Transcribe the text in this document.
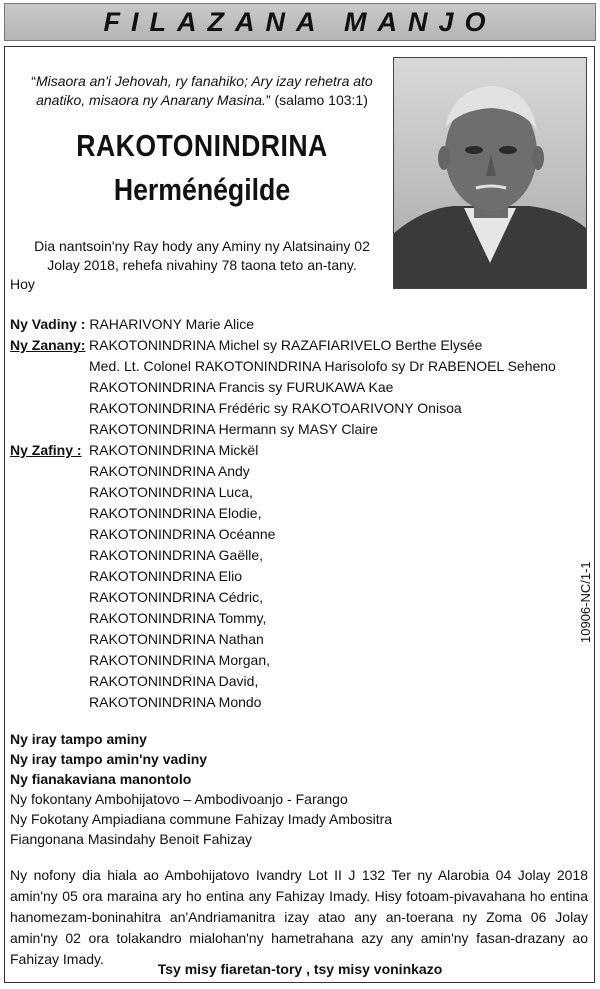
FILAZANA MANJO
“Misaora an'i Jehovah, ry fanahiko; Ary izay rehetra ato anatiko, misaora ny Anarany Masina.” (salamo 103:1)
RAKOTONINDRINA
Herménégilde
Dia nantsoin'ny Ray hody any Aminy ny Alatsinainy 02 Jolay 2018, rehefa nivahiny 78 taona teto an-tany.
Hoy
Ny Vadiny : RAHARIVONY Marie Alice
Ny Zanany: RAKOTONINDRINA Michel sy RAZAFIARIVELO Berthe Elysée
Med. Lt. Colonel RAKOTONINDRINA Harisolofo sy Dr RABENOEL Seheno
RAKOTONINDRINA Francis sy FURUKAWA Kae
RAKOTONINDRINA Frédéric sy RAKOTOARIVONY Onisoa
RAKOTONINDRINA Hermann sy MASY Claire
Ny Zafiny : RAKOTONINDRINA Mickël
RAKOTONINDRINA Andy
RAKOTONINDRINA Luca,
RAKOTONINDRINA Elodie,
RAKOTONINDRINA Océanne
RAKOTONINDRINA Gaëlle,
RAKOTONINDRINA Elio
RAKOTONINDRINA Cédric,
RAKOTONINDRINA Tommy,
RAKOTONINDRINA Nathan
RAKOTONINDRINA Morgan,
RAKOTONINDRINA David,
RAKOTONINDRINA Mondo
10906-NC/1-1
Ny iray tampo aminy
Ny iray tampo amin'ny vadiny
Ny fianakaviana manontolo
Ny fokontany Ambohijatovo – Ambodivoanjo - Farango
Ny Fokotany Ampiadiana commune Fahizay Imady Ambositra
Fiangonana Masindahy Benoit Fahizay
Ny nofony dia hiala ao Ambohijatovo Ivandry Lot II J 132 Ter ny Alarobia 04 Jolay 2018 amin'ny 05 ora maraina ary ho entina any Fahizay Imady. Hisy fotoam-pivavahana ho entina hanomezam-boninahitra an'Andriamanitra izay atao any an-toerana ny Zoma 06 Jolay amin'ny 02 ora tolakandro mialohan'ny hametrahana azy any amin'ny fasan-drazany ao Fahizay Imady.
Tsy misy fiaretan-tory , tsy misy voninkazo
